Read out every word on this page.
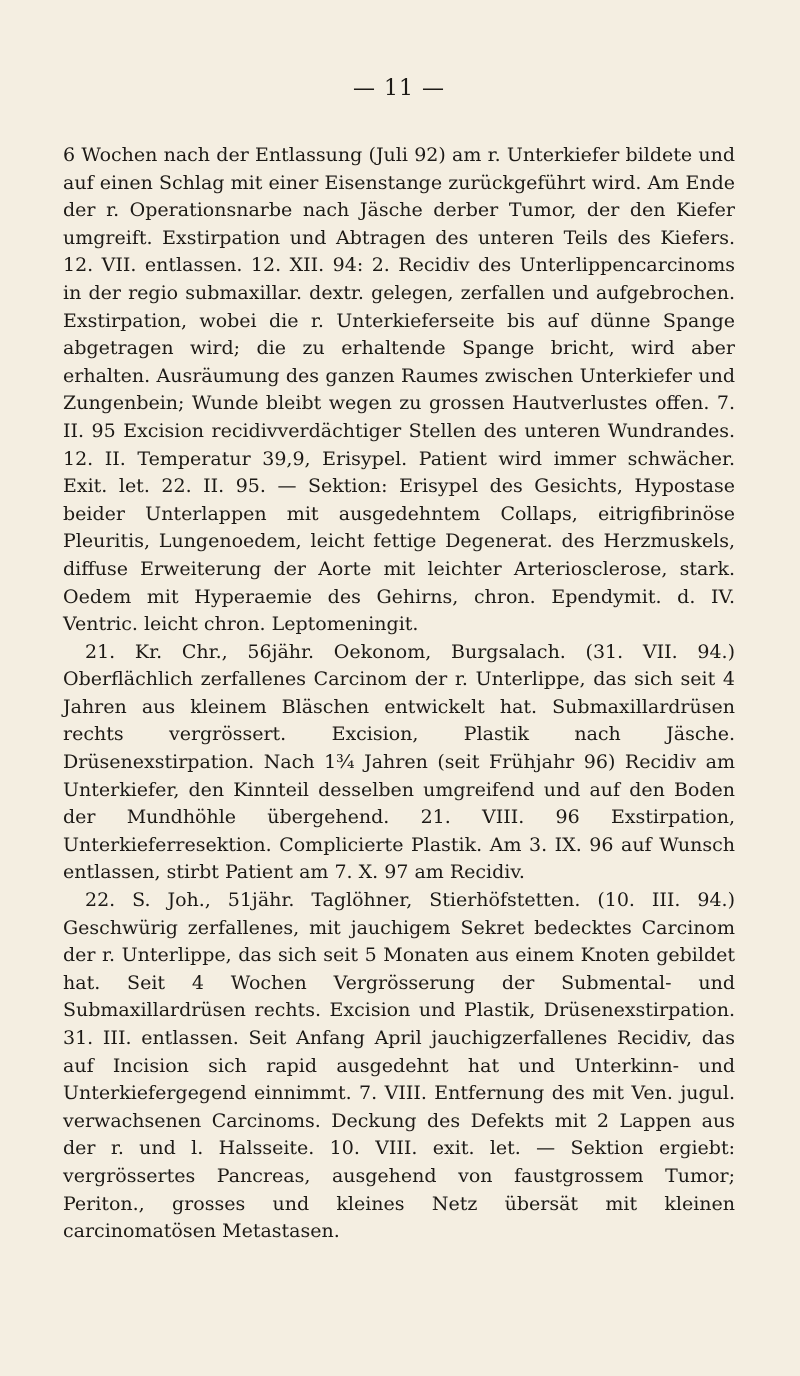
— 11 —

6 Wochen nach der Entlassung (Juli 92) am r. Unterkiefer bildete und auf einen Schlag mit einer Eisenstange zurückgeführt wird. Am Ende der r. Operationsnarbe nach Jäsche derber Tumor, der den Kiefer umgreift. Exstirpation und Abtragen des unteren Teils des Kiefers. 12. VII. entlassen. 12. XII. 94: 2. Recidiv des Unterlippencarcinoms in der regio submaxillar. dextr. gelegen, zerfallen und aufgebrochen. Exstirpation, wobei die r. Unterkieferseite bis auf dünne Spange abgetragen wird; die zu erhaltende Spange bricht, wird aber erhalten. Ausräumung des ganzen Raumes zwischen Unterkiefer und Zungenbein; Wunde bleibt wegen zu grossen Hautverlustes offen. 7. II. 95 Excision recidivverdächtiger Stellen des unteren Wundrandes. 12. II. Temperatur 39,9, Erisypel. Patient wird immer schwächer. Exit. let. 22. II. 95. — Sektion: Erisypel des Gesichts, Hypostase beider Unterlappen mit ausgedehntem Collaps, eitrigfibrinöse Pleuritis, Lungenoedem, leicht fettige Degenerat. des Herzmuskels, diffuse Erweiterung der Aorte mit leichter Arteriosclerose, stark. Oedem mit Hyperaemie des Gehirns, chron. Ependymit. d. IV. Ventric. leicht chron. Leptomeningit.

21. Kr. Chr., 56jähr. Oekonom, Burgsalach. (31. VII. 94.) Oberflächlich zerfallenes Carcinom der r. Unterlippe, das sich seit 4 Jahren aus kleinem Bläschen entwickelt hat. Submaxillardrüsen rechts vergrössert. Excision, Plastik nach Jäsche. Drüsenexstirpation. Nach 1¾ Jahren (seit Frühjahr 96) Recidiv am Unterkiefer, den Kinnteil desselben umgreifend und auf den Boden der Mundhöhle übergehend. 21. VIII. 96 Exstirpation, Unterkieferresektion. Complicierte Plastik. Am 3. IX. 96 auf Wunsch entlassen, stirbt Patient am 7. X. 97 am Recidiv.

22. S. Joh., 51jähr. Taglöhner, Stierhöfstetten. (10. III. 94.) Geschwürig zerfallenes, mit jauchigem Sekret bedecktes Carcinom der r. Unterlippe, das sich seit 5 Monaten aus einem Knoten gebildet hat. Seit 4 Wochen Vergrösserung der Submental- und Submaxillardrüsen rechts. Excision und Plastik, Drüsenexstirpation. 31. III. entlassen. Seit Anfang April jauchigzerfallenes Recidiv, das auf Incision sich rapid ausgedehnt hat und Unterkinn- und Unterkiefergegend einnimmt. 7. VIII. Entfernung des mit Ven. jugul. verwachsenen Carcinoms. Deckung des Defekts mit 2 Lappen aus der r. und l. Halsseite. 10. VIII. exit. let. — Sektion ergiebt: vergrössertes Pancreas, ausgehend von faustgrossem Tumor; Periton., grosses und kleines Netz übersät mit kleinen carcinomatösen Metastasen.
